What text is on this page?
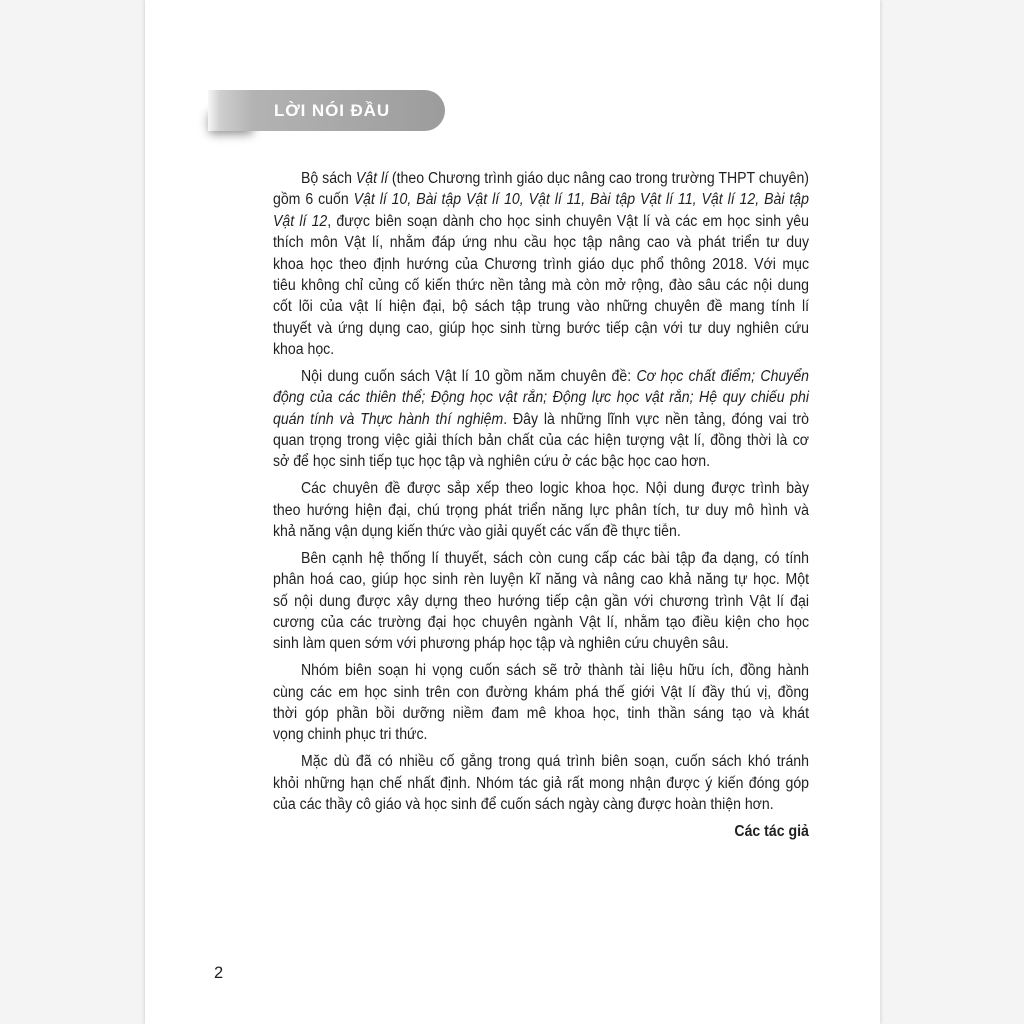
LỜI NÓI ĐẦU
Bộ sách Vật lí (theo Chương trình giáo dục nâng cao trong trường THPT chuyên)
gồm 6 cuốn Vật lí 10, Bài tập Vật lí 10, Vật lí 11, Bài tập Vật lí 11, Vật lí 12, Bài tập
Vật lí 12, được biên soạn dành cho học sinh chuyên Vật lí và các em học sinh yêu
thích môn Vật lí, nhằm đáp ứng nhu cầu học tập nâng cao và phát triển tư duy
khoa học theo định hướng của Chương trình giáo dục phổ thông 2018. Với mục
tiêu không chỉ củng cố kiến thức nền tảng mà còn mở rộng, đào sâu các nội dung
cốt lõi của vật lí hiện đại, bộ sách tập trung vào những chuyên đề mang tính lí
thuyết và ứng dụng cao, giúp học sinh từng bước tiếp cận với tư duy nghiên cứu
khoa học.
Nội dung cuốn sách Vật lí 10 gồm năm chuyên đề: Cơ học chất điểm; Chuyển
động của các thiên thể; Động học vật rắn; Động lực học vật rắn; Hệ quy chiếu phi
quán tính và Thực hành thí nghiệm. Đây là những lĩnh vực nền tảng, đóng vai trò
quan trọng trong việc giải thích bản chất của các hiện tượng vật lí, đồng thời là cơ
sở để học sinh tiếp tục học tập và nghiên cứu ở các bậc học cao hơn.
Các chuyên đề được sắp xếp theo logic khoa học. Nội dung được trình bày
theo hướng hiện đại, chú trọng phát triển năng lực phân tích, tư duy mô hình và
khả năng vận dụng kiến thức vào giải quyết các vấn đề thực tiễn.
Bên cạnh hệ thống lí thuyết, sách còn cung cấp các bài tập đa dạng, có tính
phân hoá cao, giúp học sinh rèn luyện kĩ năng và nâng cao khả năng tự học. Một
số nội dung được xây dựng theo hướng tiếp cận gần với chương trình Vật lí đại
cương của các trường đại học chuyên ngành Vật lí, nhằm tạo điều kiện cho học
sinh làm quen sớm với phương pháp học tập và nghiên cứu chuyên sâu.
Nhóm biên soạn hi vọng cuốn sách sẽ trở thành tài liệu hữu ích, đồng hành
cùng các em học sinh trên con đường khám phá thế giới Vật lí đầy thú vị, đồng
thời góp phần bồi dưỡng niềm đam mê khoa học, tinh thần sáng tạo và khát
vọng chinh phục tri thức.
Mặc dù đã có nhiều cố gắng trong quá trình biên soạn, cuốn sách khó tránh
khỏi những hạn chế nhất định. Nhóm tác giả rất mong nhận được ý kiến đóng góp
của các thầy cô giáo và học sinh để cuốn sách ngày càng được hoàn thiện hơn.
Các tác giả
2
